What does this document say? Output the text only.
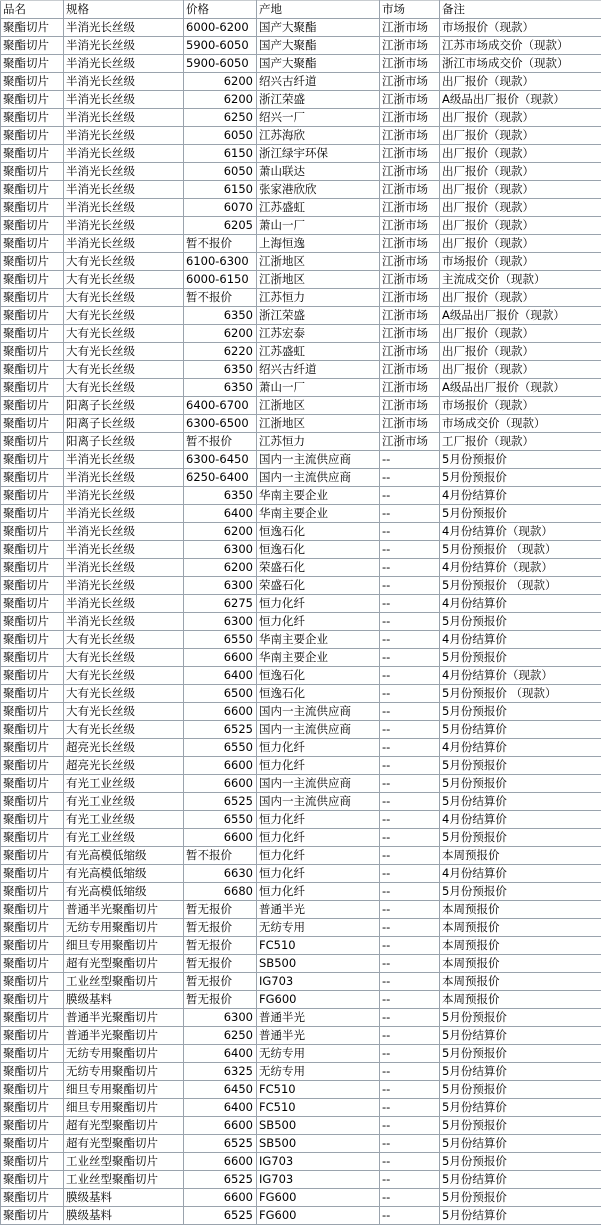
品名	规格	价格	产地	市场	备注
聚酯切片	半消光长丝级	6000-6200	国产大聚酯	江浙市场	市场报价（现款）
聚酯切片	半消光长丝级	5900-6050	国产大聚酯	江浙市场	江苏市场成交价（现款）
聚酯切片	半消光长丝级	5900-6050	国产大聚酯	江浙市场	浙江市场成交价（现款）
聚酯切片	半消光长丝级	6200	绍兴古纤道	江浙市场	出厂报价（现款）
聚酯切片	半消光长丝级	6200	浙江荣盛	江浙市场	A级品出厂报价（现款）
聚酯切片	半消光长丝级	6250	绍兴一厂	江浙市场	出厂报价（现款）
聚酯切片	半消光长丝级	6050	江苏海欣	江浙市场	出厂报价（现款）
聚酯切片	半消光长丝级	6150	浙江绿宇环保	江浙市场	出厂报价（现款）
聚酯切片	半消光长丝级	6050	萧山联达	江浙市场	出厂报价（现款）
聚酯切片	半消光长丝级	6150	张家港欣欣	江浙市场	出厂报价（现款）
聚酯切片	半消光长丝级	6070	江苏盛虹	江浙市场	出厂报价（现款）
聚酯切片	半消光长丝级	6205	萧山一厂	江浙市场	出厂报价（现款）
聚酯切片	半消光长丝级	暂不报价	上海恒逸	江浙市场	出厂报价（现款）
聚酯切片	大有光长丝级	6100-6300	江浙地区	江浙市场	市场报价（现款）
聚酯切片	大有光长丝级	6000-6150	江浙地区	江浙市场	主流成交价（现款）
聚酯切片	大有光长丝级	暂不报价	江苏恒力	江浙市场	出厂报价（现款）
聚酯切片	大有光长丝级	6350	浙江荣盛	江浙市场	A级品出厂报价（现款）
聚酯切片	大有光长丝级	6200	江苏宏泰	江浙市场	出厂报价（现款）
聚酯切片	大有光长丝级	6220	江苏盛虹	江浙市场	出厂报价（现款）
聚酯切片	大有光长丝级	6350	绍兴古纤道	江浙市场	出厂报价（现款）
聚酯切片	大有光长丝级	6350	萧山一厂	江浙市场	A级品出厂报价（现款）
聚酯切片	阳离子长丝级	6400-6700	江浙地区	江浙市场	市场报价（现款）
聚酯切片	阳离子长丝级	6300-6500	江浙地区	江浙市场	市场成交价（现款）
聚酯切片	阳离子长丝级	暂不报价	江苏恒力	江浙市场	工厂报价（现款）
聚酯切片	半消光长丝级	6300-6450	国内一主流供应商	--	5月份预报价
聚酯切片	半消光长丝级	6250-6400	国内一主流供应商	--	5月份预报价
聚酯切片	半消光长丝级	6350	华南主要企业	--	4月份结算价
聚酯切片	半消光长丝级	6400	华南主要企业	--	5月份预报价
聚酯切片	半消光长丝级	6200	恒逸石化	--	4月份结算价（现款）
聚酯切片	半消光长丝级	6300	恒逸石化	--	5月份预报价 （现款）
聚酯切片	半消光长丝级	6200	荣盛石化	--	4月份结算价（现款）
聚酯切片	半消光长丝级	6300	荣盛石化	--	5月份预报价 （现款）
聚酯切片	半消光长丝级	6275	恒力化纤	--	4月份结算价
聚酯切片	半消光长丝级	6300	恒力化纤	--	5月份预报价
聚酯切片	大有光长丝级	6550	华南主要企业	--	4月份结算价
聚酯切片	大有光长丝级	6600	华南主要企业	--	5月份预报价
聚酯切片	大有光长丝级	6400	恒逸石化	--	4月份结算价（现款）
聚酯切片	大有光长丝级	6500	恒逸石化	--	5月份预报价 （现款）
聚酯切片	大有光长丝级	6600	国内一主流供应商	--	5月份预报价
聚酯切片	大有光长丝级	6525	国内一主流供应商	--	5月份结算价
聚酯切片	超亮光长丝级	6550	恒力化纤	--	4月份结算价
聚酯切片	超亮光长丝级	6600	恒力化纤	--	5月份预报价
聚酯切片	有光工业丝级	6600	国内一主流供应商	--	5月份预报价
聚酯切片	有光工业丝级	6525	国内一主流供应商	--	5月份结算价
聚酯切片	有光工业丝级	6550	恒力化纤	--	4月份结算价
聚酯切片	有光工业丝级	6600	恒力化纤	--	5月份预报价
聚酯切片	有光高模低缩级	暂不报价	恒力化纤	--	本周预报价
聚酯切片	有光高模低缩级	6630	恒力化纤	--	4月份结算价
聚酯切片	有光高模低缩级	6680	恒力化纤	--	5月份预报价
聚酯切片	普通半光聚酯切片	暂无报价	普通半光	--	本周预报价
聚酯切片	无纺专用聚酯切片	暂无报价	无纺专用	--	本周预报价
聚酯切片	细旦专用聚酯切片	暂无报价	FC510	--	本周预报价
聚酯切片	超有光型聚酯切片	暂无报价	SB500	--	本周预报价
聚酯切片	工业丝型聚酯切片	暂无报价	IG703	--	本周预报价
聚酯切片	膜级基料	暂无报价	FG600	--	本周预报价
聚酯切片	普通半光聚酯切片	6300	普通半光	--	5月份预报价
聚酯切片	普通半光聚酯切片	6250	普通半光	--	5月份结算价
聚酯切片	无纺专用聚酯切片	6400	无纺专用	--	5月份预报价
聚酯切片	无纺专用聚酯切片	6325	无纺专用	--	5月份结算价
聚酯切片	细旦专用聚酯切片	6450	FC510	--	5月份预报价
聚酯切片	细旦专用聚酯切片	6400	FC510	--	5月份结算价
聚酯切片	超有光型聚酯切片	6600	SB500	--	5月份预报价
聚酯切片	超有光型聚酯切片	6525	SB500	--	5月份结算价
聚酯切片	工业丝型聚酯切片	6600	IG703	--	5月份预报价
聚酯切片	工业丝型聚酯切片	6525	IG703	--	5月份结算价
聚酯切片	膜级基料	6600	FG600	--	5月份预报价
聚酯切片	膜级基料	6525	FG600	--	5月份结算价
